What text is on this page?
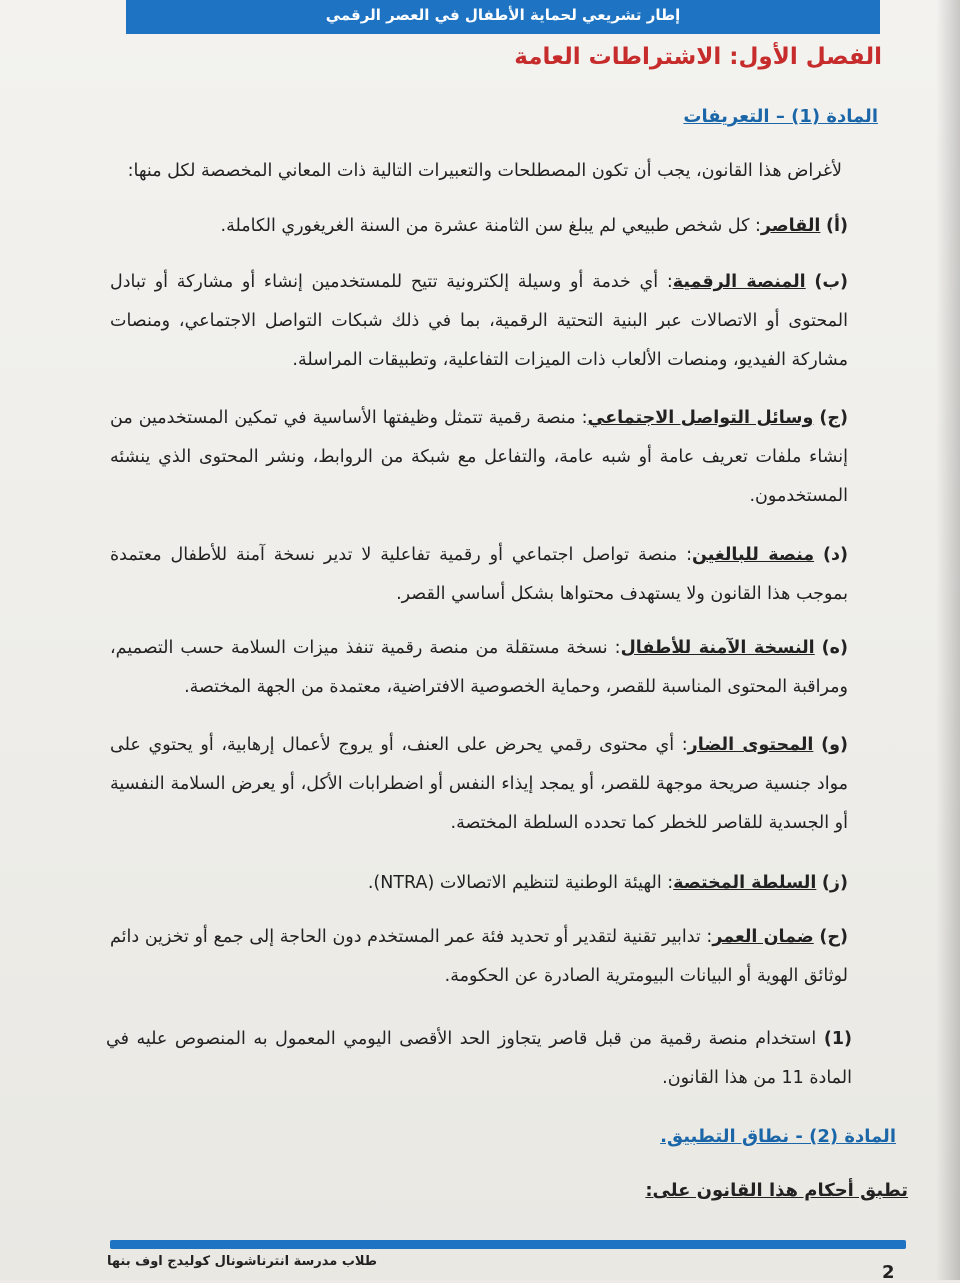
إطار تشريعي لحماية الأطفال في العصر الرقمي
الفصل الأول: الاشتراطات العامة
المادة (1) – التعريفات

لأغراض هذا القانون، يجب أن تكون المصطلحات والتعبيرات التالية ذات المعاني المخصصة لكل منها:

(أ) القاصر: كل شخص طبيعي لم يبلغ سن الثامنة عشرة من السنة الغريغوري الكاملة.

(ب) المنصة الرقمية: أي خدمة أو وسيلة إلكترونية تتيح للمستخدمين إنشاء أو مشاركة أو تبادل المحتوى أو الاتصالات عبر البنية التحتية الرقمية، بما في ذلك شبكات التواصل الاجتماعي، ومنصات مشاركة الفيديو، ومنصات الألعاب ذات الميزات التفاعلية، وتطبيقات المراسلة.

(ج) وسائل التواصل الاجتماعي: منصة رقمية تتمثل وظيفتها الأساسية في تمكين المستخدمين من إنشاء ملفات تعريف عامة أو شبه عامة، والتفاعل مع شبكة من الروابط، ونشر المحتوى الذي ينشئه المستخدمون.

(د) منصة للبالغين: منصة تواصل اجتماعي أو رقمية تفاعلية لا تدير نسخة آمنة للأطفال معتمدة بموجب هذا القانون ولا يستهدف محتواها بشكل أساسي القصر.

(ه) النسخة الآمنة للأطفال: نسخة مستقلة من منصة رقمية تنفذ ميزات السلامة حسب التصميم، ومراقبة المحتوى المناسبة للقصر، وحماية الخصوصية الافتراضية، معتمدة من الجهة المختصة.

(و) المحتوى الضار: أي محتوى رقمي يحرض على العنف، أو يروج لأعمال إرهابية، أو يحتوي على مواد جنسية صريحة موجهة للقصر، أو يمجد إيذاء النفس أو اضطرابات الأكل، أو يعرض السلامة النفسية أو الجسدية للقاصر للخطر كما تحدده السلطة المختصة.

(ز) السلطة المختصة: الهيئة الوطنية لتنظيم الاتصالات (NTRA).

(ح) ضمان العمر: تدابير تقنية لتقدير أو تحديد فئة عمر المستخدم دون الحاجة إلى جمع أو تخزين دائم لوثائق الهوية أو البيانات البيومترية الصادرة عن الحكومة.

(1) استخدام منصة رقمية من قبل قاصر يتجاوز الحد الأقصى اليومي المعمول به المنصوص عليه في المادة 11 من هذا القانون.

المادة (2) - نطاق التطبيق.

تطبق أحكام هذا القانون على:

طلاب مدرسة انترناشونال كوليدج اوف بنها
2
